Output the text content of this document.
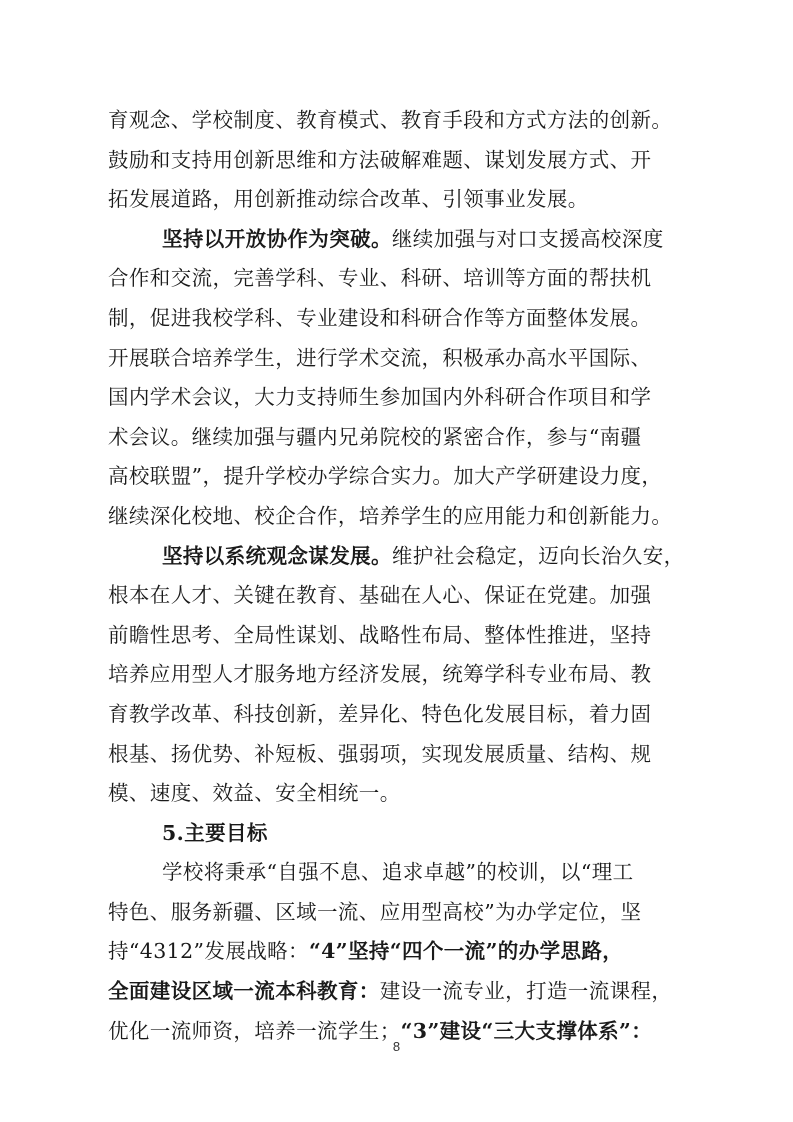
育观念、学校制度、教育模式、教育手段和方式方法的创新。
鼓励和支持用创新思维和方法破解难题、谋划发展方式、开
拓发展道路，用创新推动综合改革、引领事业发展。
坚持以开放协作为突破。继续加强与对口支援高校深度
合作和交流，完善学科、专业、科研、培训等方面的帮扶机
制，促进我校学科、专业建设和科研合作等方面整体发展。
开展联合培养学生，进行学术交流，积极承办高水平国际、
国内学术会议，大力支持师生参加国内外科研合作项目和学
术会议。继续加强与疆内兄弟院校的紧密合作，参与“南疆
高校联盟”，提升学校办学综合实力。加大产学研建设力度，
继续深化校地、校企合作，培养学生的应用能力和创新能力。
坚持以系统观念谋发展。维护社会稳定，迈向长治久安，
根本在人才、关键在教育、基础在人心、保证在党建。加强
前瞻性思考、全局性谋划、战略性布局、整体性推进，坚持
培养应用型人才服务地方经济发展，统筹学科专业布局、教
育教学改革、科技创新，差异化、特色化发展目标，着力固
根基、扬优势、补短板、强弱项，实现发展质量、结构、规
模、速度、效益、安全相统一。
5.主要目标
学校将秉承“自强不息、追求卓越”的校训，以“理工
特色、服务新疆、区域一流、应用型高校”为办学定位，坚
持“4312”发展战略：“4”坚持“四个一流”的办学思路，
全面建设区域一流本科教育：建设一流专业，打造一流课程，
优化一流师资，培养一流学生；“3”建设“三大支撑体系”：
8
